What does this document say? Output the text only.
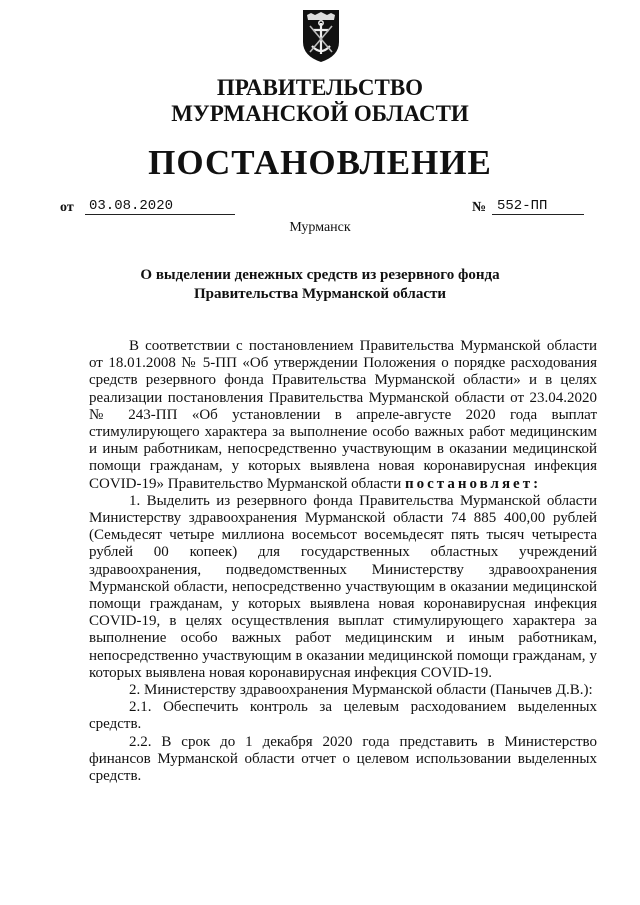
ПРАВИТЕЛЬСТВО
МУРМАНСКОЙ ОБЛАСТИ
ПОСТАНОВЛЕНИЕ
от 03.08.2020	№ 552-ПП
Мурманск
О выделении денежных средств из резервного фонда
Правительства Мурманской области

В соответствии с постановлением Правительства Мурманской области от 18.01.2008 № 5-ПП «Об утверждении Положения о порядке расходования средств резервного фонда Правительства Мурманской области» и в целях реализации постановления Правительства Мурманской области от 23.04.2020 № 243-ПП «Об установлении в апреле-августе 2020 года выплат стимулирующего характера за выполнение особо важных работ медицинским и иным работникам, непосредственно участвующим в оказании медицинской помощи гражданам, у которых выявлена новая коронавирусная инфекция COVID-19» Правительство Мурманской области постановляет:

1. Выделить из резервного фонда Правительства Мурманской области Министерству здравоохранения Мурманской области 74 885 400,00 рублей (Семьдесят четыре миллиона восемьсот восемьдесят пять тысяч четыреста рублей 00 копеек) для государственных областных учреждений здравоохранения, подведомственных Министерству здравоохранения Мурманской области, непосредственно участвующим в оказании медицинской помощи гражданам, у которых выявлена новая коронавирусная инфекция COVID-19, в целях осуществления выплат стимулирующего характера за выполнение особо важных работ медицинским и иным работникам, непосредственно участвующим в оказании медицинской помощи гражданам, у которых выявлена новая коронавирусная инфекция COVID-19.

2. Министерству здравоохранения Мурманской области (Панычев Д.В.):

2.1. Обеспечить контроль за целевым расходованием выделенных средств.

2.2. В срок до 1 декабря 2020 года представить в Министерство финансов Мурманской области отчет о целевом использовании выделенных средств.
